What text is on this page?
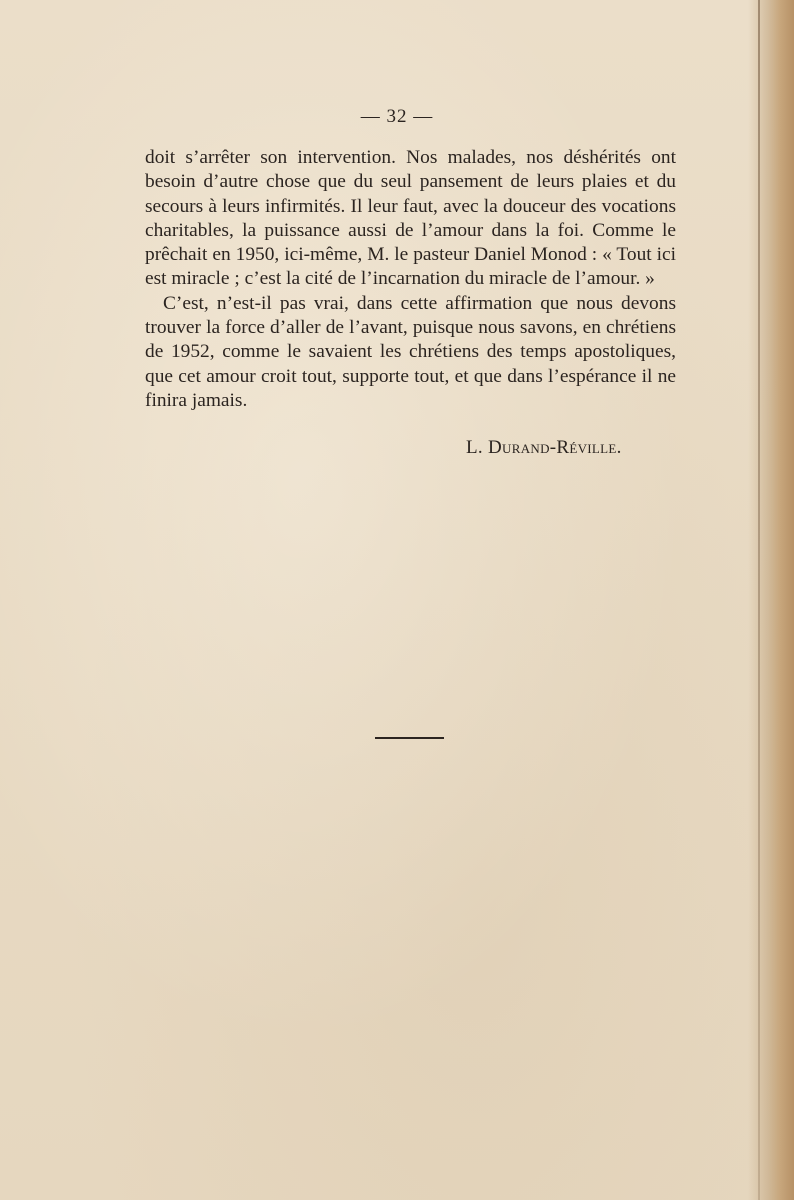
— 32 —

doit s’arrêter son intervention. Nos malades, nos déshérités ont besoin d’autre chose que du seul pansement de leurs plaies et du secours à leurs infirmités. Il leur faut, avec la douceur des vocations charitables, la puissance aussi de l’amour dans la foi. Comme le prêchait en 1950, ici-même, M. le pasteur Daniel Monod : « Tout ici est miracle ; c’est la cité de l’incarnation du miracle de l’amour. »

C’est, n’est-il pas vrai, dans cette affirmation que nous devons trouver la force d’aller de l’avant, puisque nous savons, en chrétiens de 1952, comme le savaient les chrétiens des temps apostoliques, que cet amour croit tout, supporte tout, et que dans l’espérance il ne finira jamais.

L. Durand-Réville.
